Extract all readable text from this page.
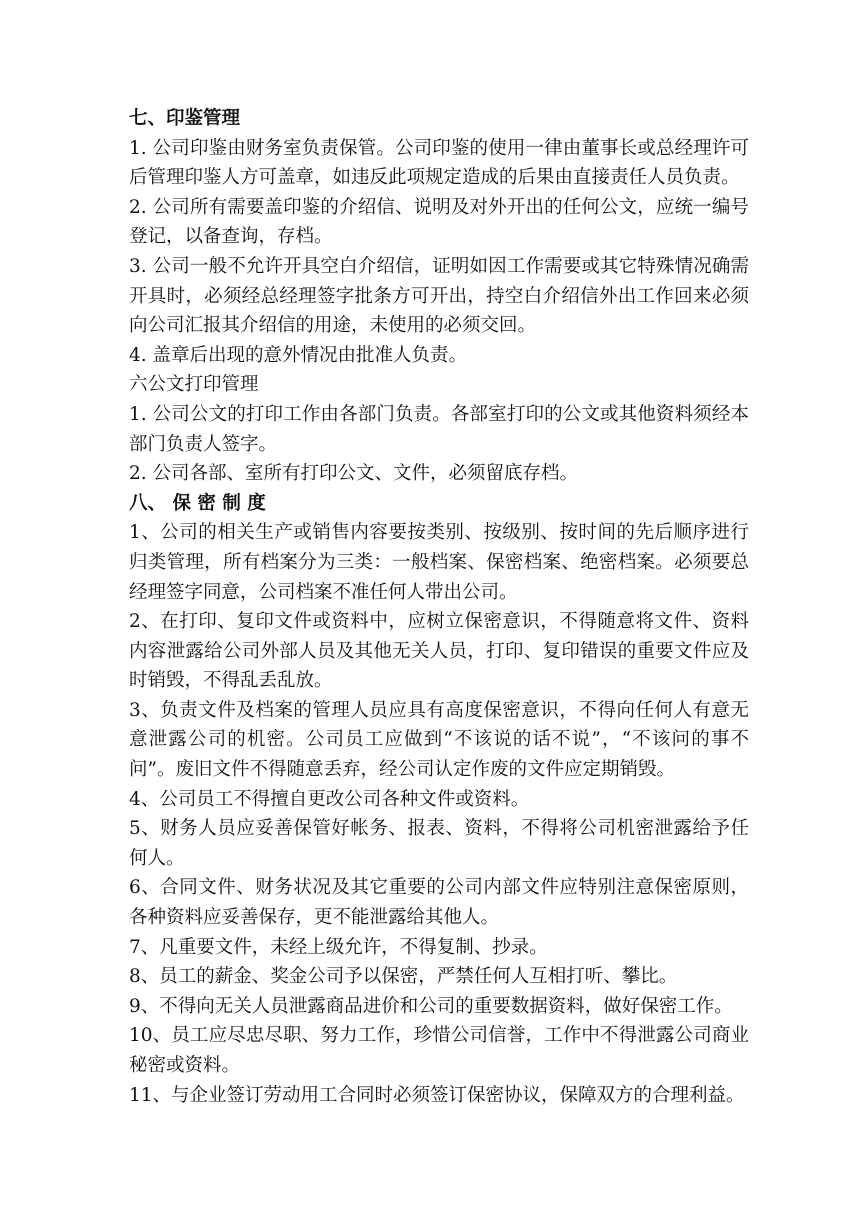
七、印鉴管理

1. 公司印鉴由财务室负责保管。公司印鉴的使用一律由董事长或总经理许可后管理印鉴人方可盖章，如违反此项规定造成的后果由直接责任人员负责。

2. 公司所有需要盖印鉴的介绍信、说明及对外开出的任何公文，应统一编号登记，以备查询，存档。

3. 公司一般不允许开具空白介绍信，证明如因工作需要或其它特殊情况确需开具时，必须经总经理签字批条方可开出，持空白介绍信外出工作回来必须向公司汇报其介绍信的用途，未使用的必须交回。

4. 盖章后出现的意外情况由批准人负责。

六公文打印管理

1. 公司公文的打印工作由各部门负责。各部室打印的公文或其他资料须经本部门负责人签字。

2. 公司各部、室所有打印公文、文件，必须留底存档。

八、 保 密 制 度

1、公司的相关生产或销售内容要按类别、按级别、按时间的先后顺序进行归类管理，所有档案分为三类：一般档案、保密档案、绝密档案。必须要总经理签字同意，公司档案不准任何人带出公司。

2、在打印、复印文件或资料中，应树立保密意识，不得随意将文件、资料内容泄露给公司外部人员及其他无关人员，打印、复印错误的重要文件应及时销毁，不得乱丢乱放。

3、负责文件及档案的管理人员应具有高度保密意识，不得向任何人有意无意泄露公司的机密。公司员工应做到“不该说的话不说”，“不该问的事不问”。废旧文件不得随意丢弃，经公司认定作废的文件应定期销毁。

4、公司员工不得擅自更改公司各种文件或资料。

5、财务人员应妥善保管好帐务、报表、资料，不得将公司机密泄露给予任何人。

6、合同文件、财务状况及其它重要的公司内部文件应特别注意保密原则，各种资料应妥善保存，更不能泄露给其他人。

7、凡重要文件，未经上级允许，不得复制、抄录。

8、员工的薪金、奖金公司予以保密，严禁任何人互相打听、攀比。

9、不得向无关人员泄露商品进价和公司的重要数据资料，做好保密工作。

10、员工应尽忠尽职、努力工作，珍惜公司信誉，工作中不得泄露公司商业秘密或资料。

11、与企业签订劳动用工合同时必须签订保密协议，保障双方的合理利益。
